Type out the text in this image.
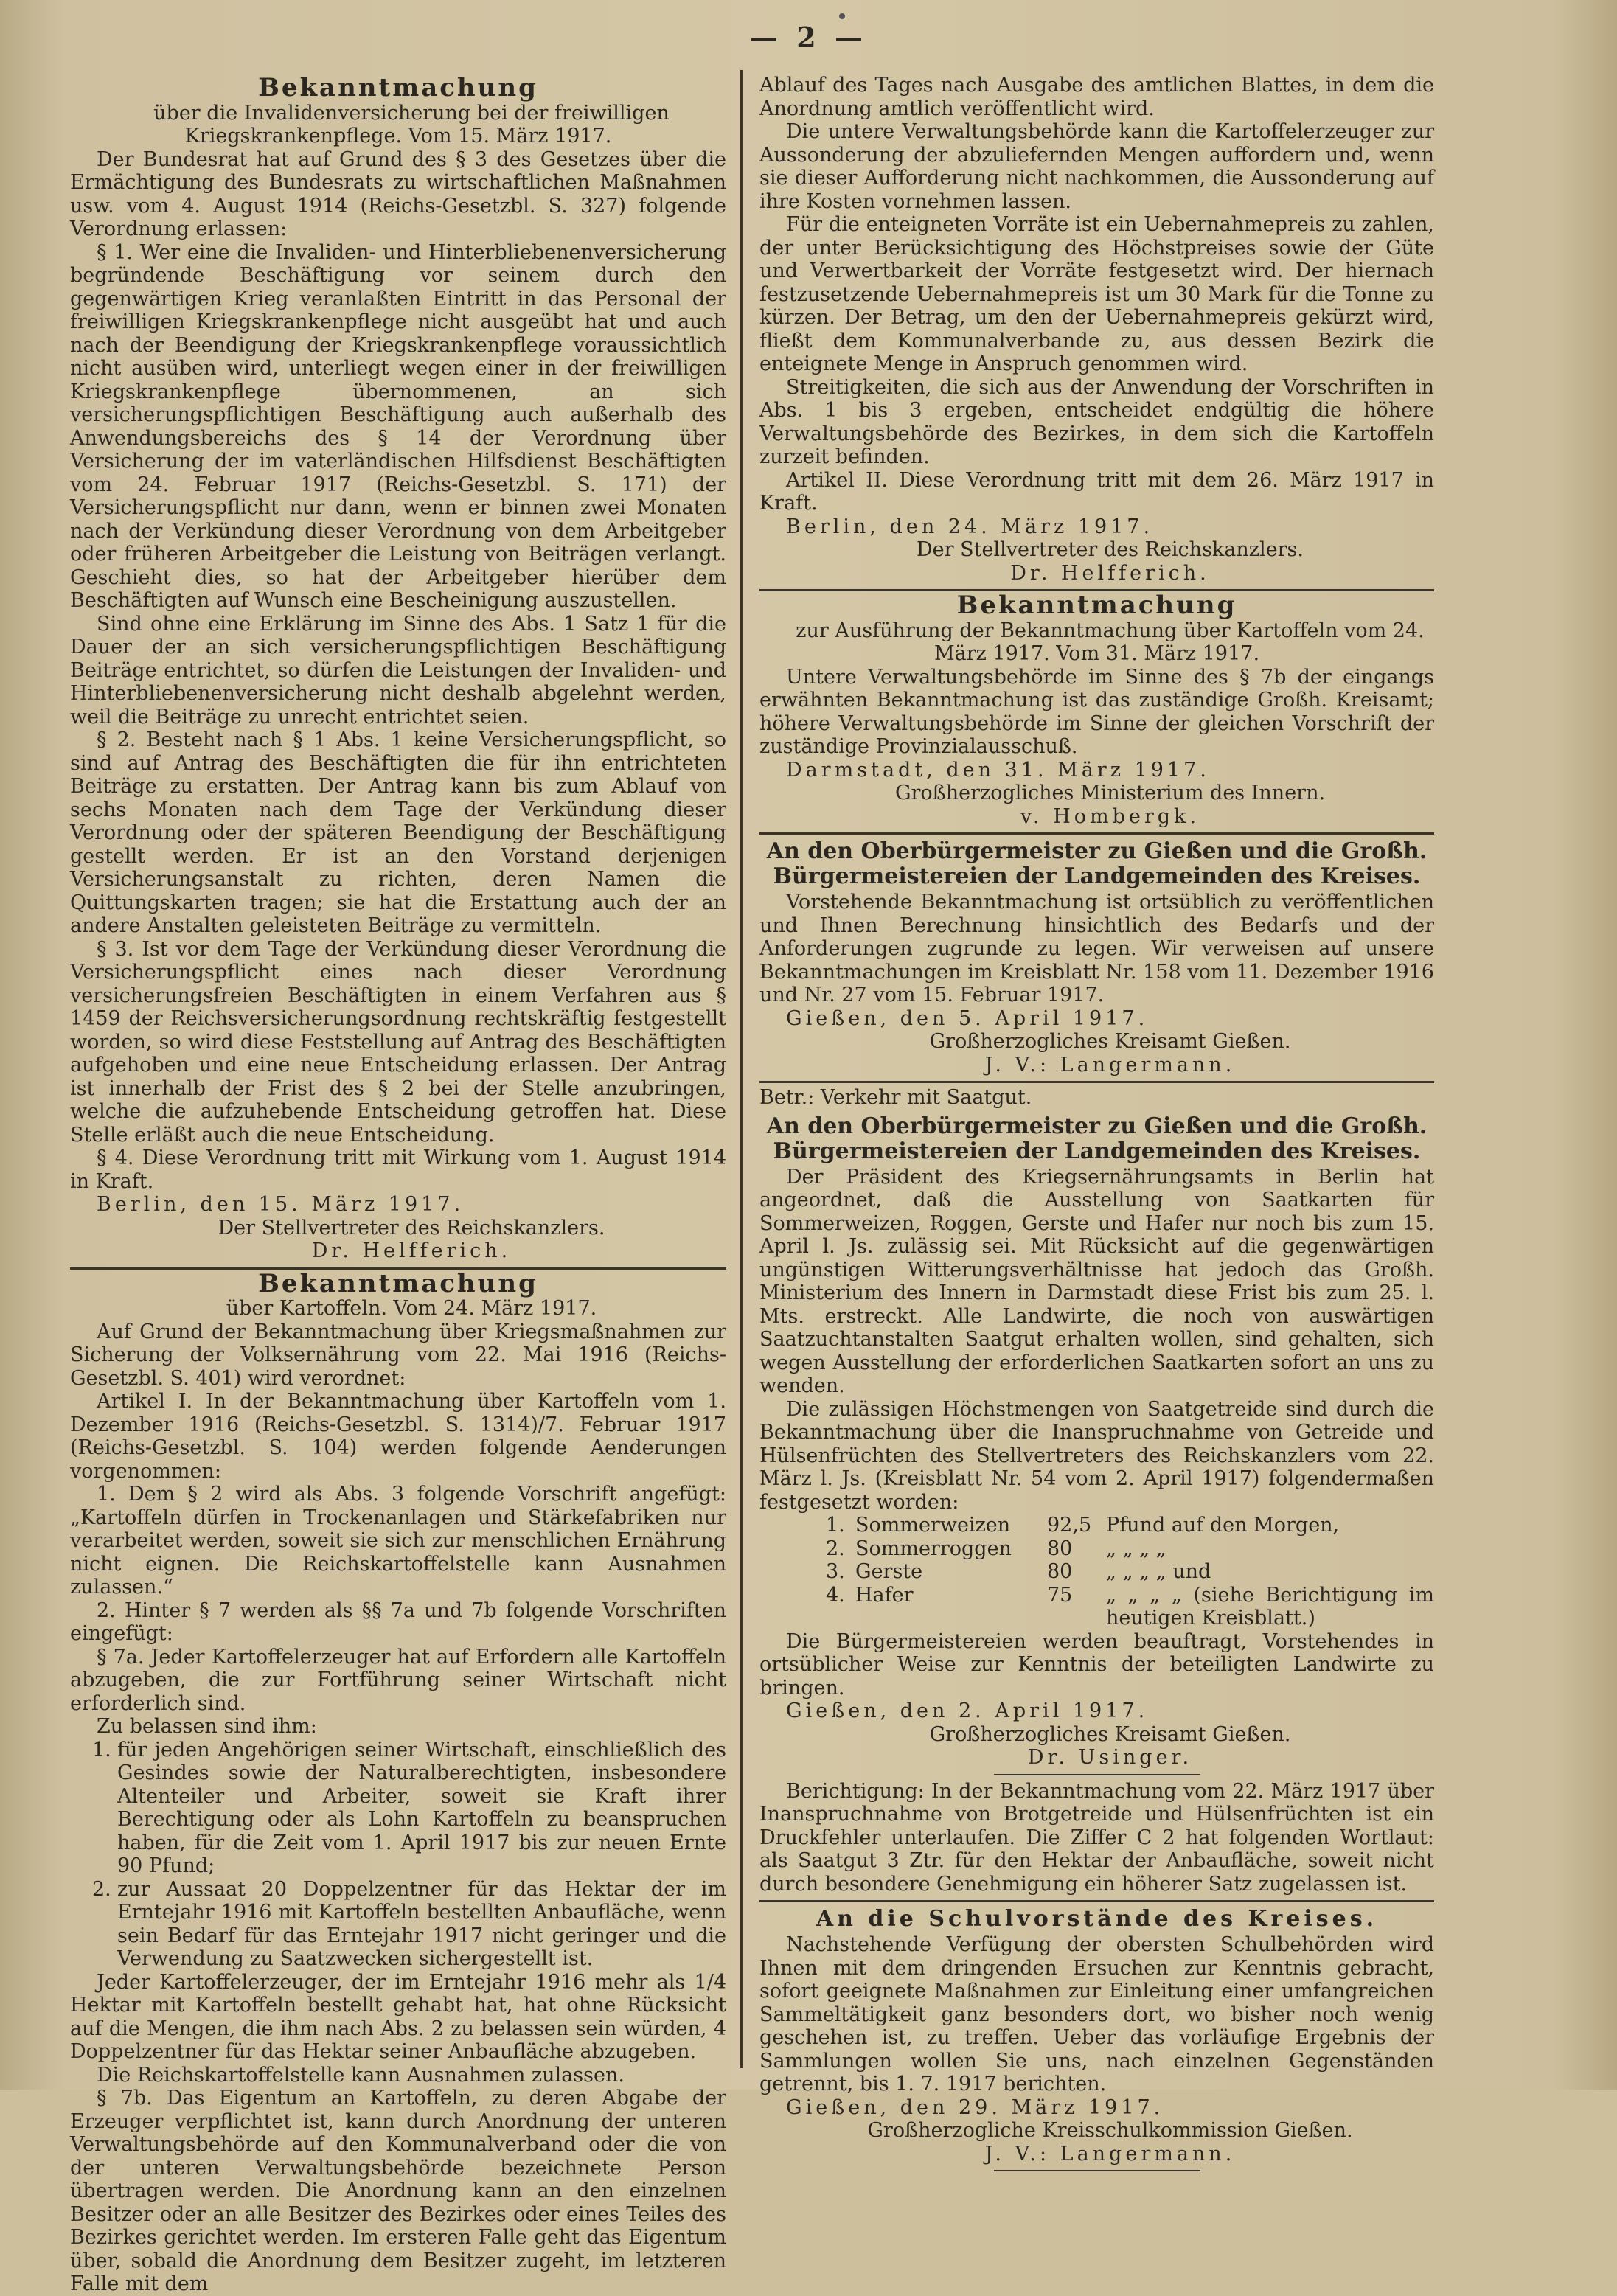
— 2 —
Bekanntmachung

über die Invalidenversicherung bei der freiwilligen Kriegskrankenpflege. Vom 15. März 1917.

Der Bundesrat hat auf Grund des § 3 des Gesetzes über die Ermächtigung des Bundesrats zu wirtschaftlichen Maßnahmen usw. vom 4. August 1914 (Reichs-Gesetzbl. S. 327) folgende Verordnung erlassen:

§ 1. Wer eine die Invaliden- und Hinterbliebenenversicherung begründende Beschäftigung vor seinem durch den gegenwärtigen Krieg veranlaßten Eintritt in das Personal der freiwilligen Kriegskrankenpflege nicht ausgeübt hat und auch nach der Beendigung der Kriegskrankenpflege voraussichtlich nicht ausüben wird, unterliegt wegen einer in der freiwilligen Kriegskrankenpflege übernommenen, an sich versicherungspflichtigen Beschäftigung auch außerhalb des Anwendungsbereichs des § 14 der Verordnung über Versicherung der im vaterländischen Hilfsdienst Beschäftigten vom 24. Februar 1917 (Reichs-Gesetzbl. S. 171) der Versicherungspflicht nur dann, wenn er binnen zwei Monaten nach der Verkündung dieser Verordnung von dem Arbeitgeber oder früheren Arbeitgeber die Leistung von Beiträgen verlangt. Geschieht dies, so hat der Arbeitgeber hierüber dem Beschäftigten auf Wunsch eine Bescheinigung auszustellen.

Sind ohne eine Erklärung im Sinne des Abs. 1 Satz 1 für die Dauer der an sich versicherungspflichtigen Beschäftigung Beiträge entrichtet, so dürfen die Leistungen der Invaliden- und Hinterbliebenenversicherung nicht deshalb abgelehnt werden, weil die Beiträge zu unrecht entrichtet seien.

§ 2. Besteht nach § 1 Abs. 1 keine Versicherungspflicht, so sind auf Antrag des Beschäftigten die für ihn entrichteten Beiträge zu erstatten. Der Antrag kann bis zum Ablauf von sechs Monaten nach dem Tage der Verkündung dieser Verordnung oder der späteren Beendigung der Beschäftigung gestellt werden. Er ist an den Vorstand derjenigen Versicherungsanstalt zu richten, deren Namen die Quittungskarten tragen; sie hat die Erstattung auch der an andere Anstalten geleisteten Beiträge zu vermitteln.

§ 3. Ist vor dem Tage der Verkündung dieser Verordnung die Versicherungspflicht eines nach dieser Verordnung versicherungsfreien Beschäftigten in einem Verfahren aus § 1459 der Reichsversicherungsordnung rechtskräftig festgestellt worden, so wird diese Feststellung auf Antrag des Beschäftigten aufgehoben und eine neue Entscheidung erlassen. Der Antrag ist innerhalb der Frist des § 2 bei der Stelle anzubringen, welche die aufzuhebende Entscheidung getroffen hat. Diese Stelle erläßt auch die neue Entscheidung.

§ 4. Diese Verordnung tritt mit Wirkung vom 1. August 1914 in Kraft.

Berlin, den 15. März 1917.

Der Stellvertreter des Reichskanzlers.

Dr. Helfferich.

Bekanntmachung

über Kartoffeln. Vom 24. März 1917.

Auf Grund der Bekanntmachung über Kriegsmaßnahmen zur Sicherung der Volksernährung vom 22. Mai 1916 (Reichs-Gesetzbl. S. 401) wird verordnet:

Artikel I. In der Bekanntmachung über Kartoffeln vom 1. Dezember 1916 (Reichs-Gesetzbl. S. 1314)/7. Februar 1917 (Reichs-Gesetzbl. S. 104) werden folgende Aenderungen vorgenommen:

1. Dem § 2 wird als Abs. 3 folgende Vorschrift angefügt: „Kartoffeln dürfen in Trockenanlagen und Stärkefabriken nur verarbeitet werden, soweit sie sich zur menschlichen Ernährung nicht eignen. Die Reichskartoffelstelle kann Ausnahmen zulassen.“

2. Hinter § 7 werden als §§ 7a und 7b folgende Vorschriften eingefügt:

§ 7a. Jeder Kartoffelerzeuger hat auf Erfordern alle Kartoffeln abzugeben, die zur Fortführung seiner Wirtschaft nicht erforderlich sind.

Zu belassen sind ihm:

1. für jeden Angehörigen seiner Wirtschaft, einschließlich des Gesindes sowie der Naturalberechtigten, insbesondere Altenteiler und Arbeiter, soweit sie Kraft ihrer Berechtigung oder als Lohn Kartoffeln zu beanspruchen haben, für die Zeit vom 1. April 1917 bis zur neuen Ernte 90 Pfund;
2. zur Aussaat 20 Doppelzentner für das Hektar der im Erntejahr 1916 mit Kartoffeln bestellten Anbaufläche, wenn sein Bedarf für das Erntejahr 1917 nicht geringer und die Verwendung zu Saatzwecken sichergestellt ist.

Jeder Kartoffelerzeuger, der im Erntejahr 1916 mehr als 1/4 Hektar mit Kartoffeln bestellt gehabt hat, hat ohne Rücksicht auf die Mengen, die ihm nach Abs. 2 zu belassen sein würden, 4 Doppelzentner für das Hektar seiner Anbaufläche abzugeben.

Die Reichskartoffelstelle kann Ausnahmen zulassen.

§ 7b. Das Eigentum an Kartoffeln, zu deren Abgabe der Erzeuger verpflichtet ist, kann durch Anordnung der unteren Verwaltungsbehörde auf den Kommunalverband oder die von der unteren Verwaltungsbehörde bezeichnete Person übertragen werden. Die Anordnung kann an den einzelnen Besitzer oder an alle Besitzer des Bezirkes oder eines Teiles des Bezirkes gerichtet werden. Im ersteren Falle geht das Eigentum über, sobald die Anordnung dem Besitzer zugeht, im letzteren Falle mit dem

Ablauf des Tages nach Ausgabe des amtlichen Blattes, in dem die Anordnung amtlich veröffentlicht wird.

Die untere Verwaltungsbehörde kann die Kartoffelerzeuger zur Aussonderung der abzuliefernden Mengen auffordern und, wenn sie dieser Aufforderung nicht nachkommen, die Aussonderung auf ihre Kosten vornehmen lassen.

Für die enteigneten Vorräte ist ein Uebernahmepreis zu zahlen, der unter Berücksichtigung des Höchstpreises sowie der Güte und Verwertbarkeit der Vorräte festgesetzt wird. Der hiernach festzusetzende Uebernahmepreis ist um 30 Mark für die Tonne zu kürzen. Der Betrag, um den der Uebernahmepreis gekürzt wird, fließt dem Kommunalverbande zu, aus dessen Bezirk die enteignete Menge in Anspruch genommen wird.

Streitigkeiten, die sich aus der Anwendung der Vorschriften in Abs. 1 bis 3 ergeben, entscheidet endgültig die höhere Verwaltungsbehörde des Bezirkes, in dem sich die Kartoffeln zurzeit befinden.

Artikel II. Diese Verordnung tritt mit dem 26. März 1917 in Kraft.

Berlin, den 24. März 1917.

Der Stellvertreter des Reichskanzlers.

Dr. Helfferich.

Bekanntmachung

zur Ausführung der Bekanntmachung über Kartoffeln vom 24. März 1917. Vom 31. März 1917.

Untere Verwaltungsbehörde im Sinne des § 7b der eingangs erwähnten Bekanntmachung ist das zuständige Großh. Kreisamt; höhere Verwaltungsbehörde im Sinne der gleichen Vorschrift der zuständige Provinzialausschuß.

Darmstadt, den 31. März 1917.

Großherzogliches Ministerium des Innern.

v. Hombergk.

An den Oberbürgermeister zu Gießen und die Großh. Bürgermeistereien der Landgemeinden des Kreises.

Vorstehende Bekanntmachung ist ortsüblich zu veröffentlichen und Ihnen Berechnung hinsichtlich des Bedarfs und der Anforderungen zugrunde zu legen. Wir verweisen auf unsere Bekanntmachungen im Kreisblatt Nr. 158 vom 11. Dezember 1916 und Nr. 27 vom 15. Februar 1917.

Gießen, den 5. April 1917.

Großherzogliches Kreisamt Gießen.

J. V.: Langermann.

Betr.: Verkehr mit Saatgut.

An den Oberbürgermeister zu Gießen und die Großh. Bürgermeistereien der Landgemeinden des Kreises.

Der Präsident des Kriegsernährungsamts in Berlin hat angeordnet, daß die Ausstellung von Saatkarten für Sommerweizen, Roggen, Gerste und Hafer nur noch bis zum 15. April l. Js. zulässig sei. Mit Rücksicht auf die gegenwärtigen ungünstigen Witterungsverhältnisse hat jedoch das Großh. Ministerium des Innern in Darmstadt diese Frist bis zum 25. l. Mts. erstreckt. Alle Landwirte, die noch von auswärtigen Saatzuchtanstalten Saatgut erhalten wollen, sind gehalten, sich wegen Ausstellung der erforderlichen Saatkarten sofort an uns zu wenden.

Die zulässigen Höchstmengen von Saatgetreide sind durch die Bekanntmachung über die Inanspruchnahme von Getreide und Hülsenfrüchten des Stellvertreters des Reichskanzlers vom 22. März l. Js. (Kreisblatt Nr. 54 vom 2. April 1917) folgendermaßen festgesetzt worden:

1. Sommerweizen	92,5 Pfund auf den Morgen,
2. Sommerroggen	80	„ „ „ „
3. Gerste	80	„ „ „ „ und
4. Hafer	75	„ „ „ „ (siehe Berichtigung im heutigen Kreisblatt.)

Die Bürgermeistereien werden beauftragt, Vorstehendes in ortsüblicher Weise zur Kenntnis der beteiligten Landwirte zu bringen.

Gießen, den 2. April 1917.

Großherzogliches Kreisamt Gießen.

Dr. Usinger.

Berichtigung: In der Bekanntmachung vom 22. März 1917 über Inanspruchnahme von Brotgetreide und Hülsenfrüchten ist ein Druckfehler unterlaufen. Die Ziffer C 2 hat folgenden Wortlaut: als Saatgut 3 Ztr. für den Hektar der Anbaufläche, soweit nicht durch besondere Genehmigung ein höherer Satz zugelassen ist.

An die Schulvorstände des Kreises.

Nachstehende Verfügung der obersten Schulbehörden wird Ihnen mit dem dringenden Ersuchen zur Kenntnis gebracht, sofort geeignete Maßnahmen zur Einleitung einer umfangreichen Sammeltätigkeit ganz besonders dort, wo bisher noch wenig geschehen ist, zu treffen. Ueber das vorläufige Ergebnis der Sammlungen wollen Sie uns, nach einzelnen Gegenständen getrennt, bis 1. 7. 1917 berichten.

Gießen, den 29. März 1917.

Großherzogliche Kreisschulkommission Gießen.

J. V.: Langermann.
